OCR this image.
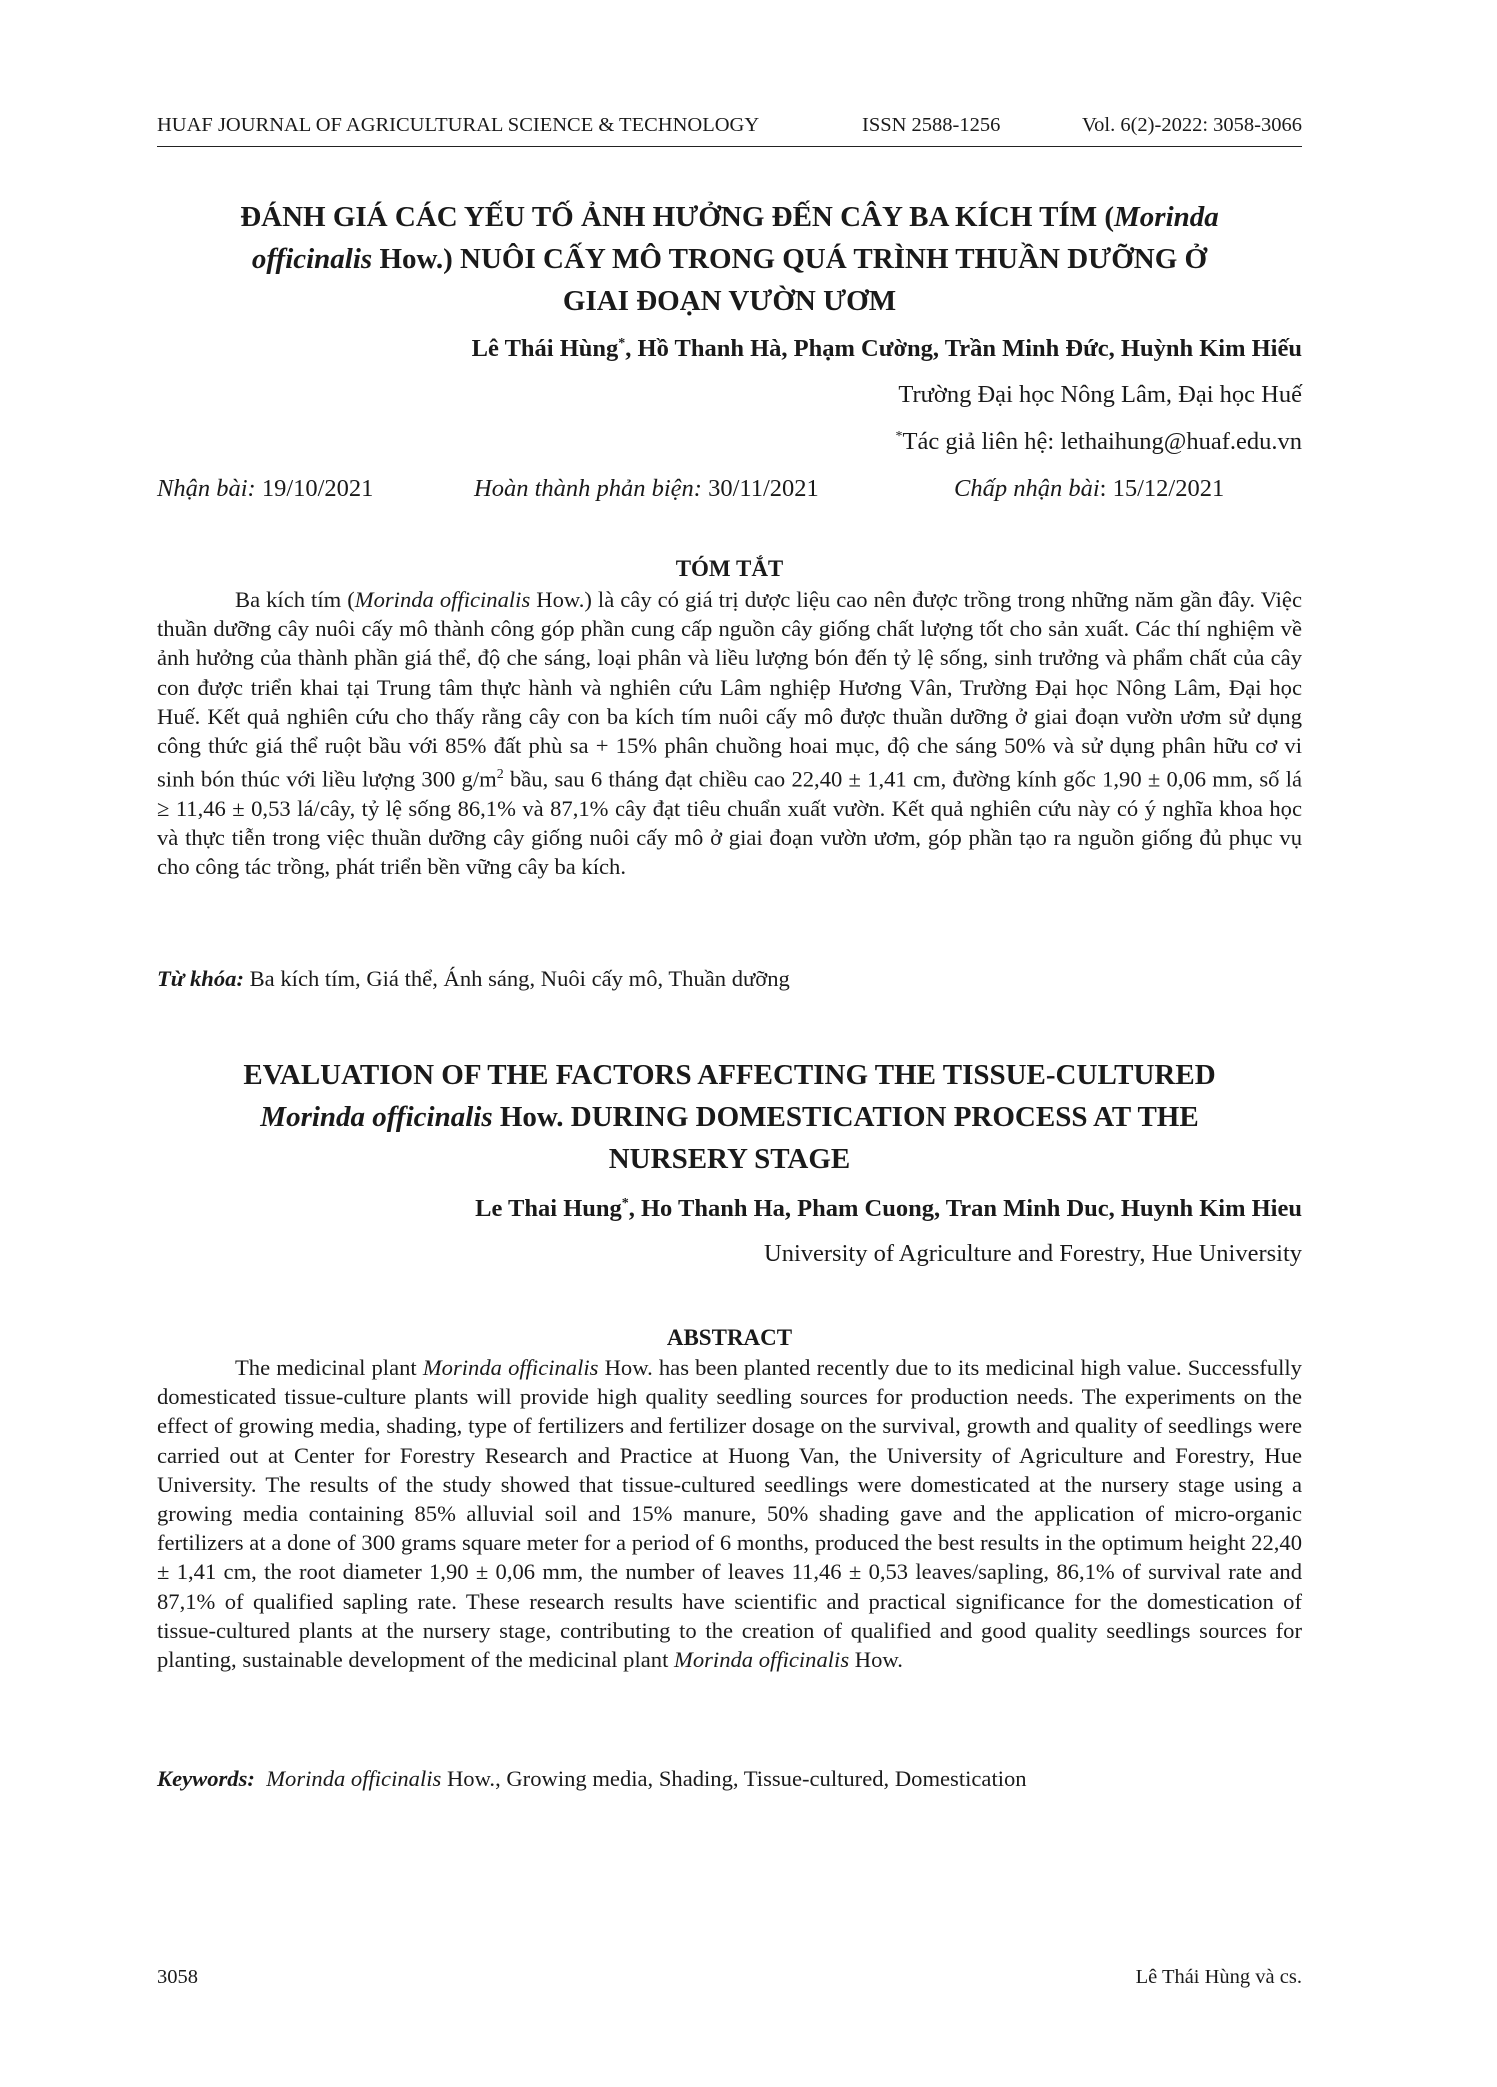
HUAF JOURNAL OF AGRICULTURAL SCIENCE & TECHNOLOGY	ISSN 2588-1256	Vol. 6(2)-2022: 3058-3066
ĐÁNH GIÁ CÁC YẾU TỐ ẢNH HƯỞNG ĐẾN CÂY BA KÍCH TÍM (Morinda
officinalis How.) NUÔI CẤY MÔ TRONG QUÁ TRÌNH THUẦN DƯỠNG Ở
GIAI ĐOẠN VƯỜN ƯƠM
Lê Thái Hùng*, Hồ Thanh Hà, Phạm Cường, Trần Minh Đức, Huỳnh Kim Hiếu
Trường Đại học Nông Lâm, Đại học Huế
*Tác giả liên hệ: lethaihung@huaf.edu.vn
Nhận bài: 19/10/2021	Hoàn thành phản biện: 30/11/2021	Chấp nhận bài: 15/12/2021
TÓM TẮT

Ba kích tím (Morinda officinalis How.) là cây có giá trị dược liệu cao nên được trồng trong những năm gần đây. Việc thuần dưỡng cây nuôi cấy mô thành công góp phần cung cấp nguồn cây giống chất lượng tốt cho sản xuất. Các thí nghiệm về ảnh hưởng của thành phần giá thể, độ che sáng, loại phân và liều lượng bón đến tỷ lệ sống, sinh trưởng và phẩm chất của cây con được triển khai tại Trung tâm thực hành và nghiên cứu Lâm nghiệp Hương Vân, Trường Đại học Nông Lâm, Đại học Huế. Kết quả nghiên cứu cho thấy rằng cây con ba kích tím nuôi cấy mô được thuần dưỡng ở giai đoạn vườn ươm sử dụng công thức giá thể ruột bầu với 85% đất phù sa + 15% phân chuồng hoai mục, độ che sáng 50% và sử dụng phân hữu cơ vi sinh bón thúc với liều lượng 300 $g/m^2$ bầu, sau 6 tháng đạt chiều cao 22,40 ± 1,41 cm, đường kính gốc 1,90 ± 0,06 mm, số lá ≥ 11,46 ± 0,53 lá/cây, tỷ lệ sống 86,1% và 87,1% cây đạt tiêu chuẩn xuất vườn. Kết quả nghiên cứu này có ý nghĩa khoa học và thực tiễn trong việc thuần dưỡng cây giống nuôi cấy mô ở giai đoạn vườn ươm, góp phần tạo ra nguồn giống đủ phục vụ cho công tác trồng, phát triển bền vững cây ba kích.

Từ khóa: Ba kích tím, Giá thể, Ánh sáng, Nuôi cấy mô, Thuần dưỡng
EVALUATION OF THE FACTORS AFFECTING THE TISSUE-CULTURED
Morinda officinalis How. DURING DOMESTICATION PROCESS AT THE
NURSERY STAGE
Le Thai Hung*, Ho Thanh Ha, Pham Cuong, Tran Minh Duc, Huynh Kim Hieu
University of Agriculture and Forestry, Hue University
ABSTRACT

The medicinal plant Morinda officinalis How. has been planted recently due to its medicinal high value. Successfully domesticated tissue-culture plants will provide high quality seedling sources for production needs. The experiments on the effect of growing media, shading, type of fertilizers and fertilizer dosage on the survival, growth and quality of seedlings were carried out at Center for Forestry Research and Practice at Huong Van, the University of Agriculture and Forestry, Hue University. The results of the study showed that tissue-cultured seedlings were domesticated at the nursery stage using a growing media containing 85% alluvial soil and 15% manure, 50% shading gave and the application of micro-organic fertilizers at a done of 300 grams square meter for a period of 6 months, produced the best results in the optimum height 22,40 ± 1,41 cm, the root diameter 1,90 ± 0,06 mm, the number of leaves 11,46 ± 0,53 leaves/sapling, 86,1% of survival rate and 87,1% of qualified sapling rate. These research results have scientific and practical significance for the domestication of tissue-cultured plants at the nursery stage, contributing to the creation of qualified and good quality seedlings sources for planting, sustainable development of the medicinal plant Morinda officinalis How.

Keywords: Morinda officinalis How., Growing media, Shading, Tissue-cultured, Domestication
3058	Lê Thái Hùng và cs.
